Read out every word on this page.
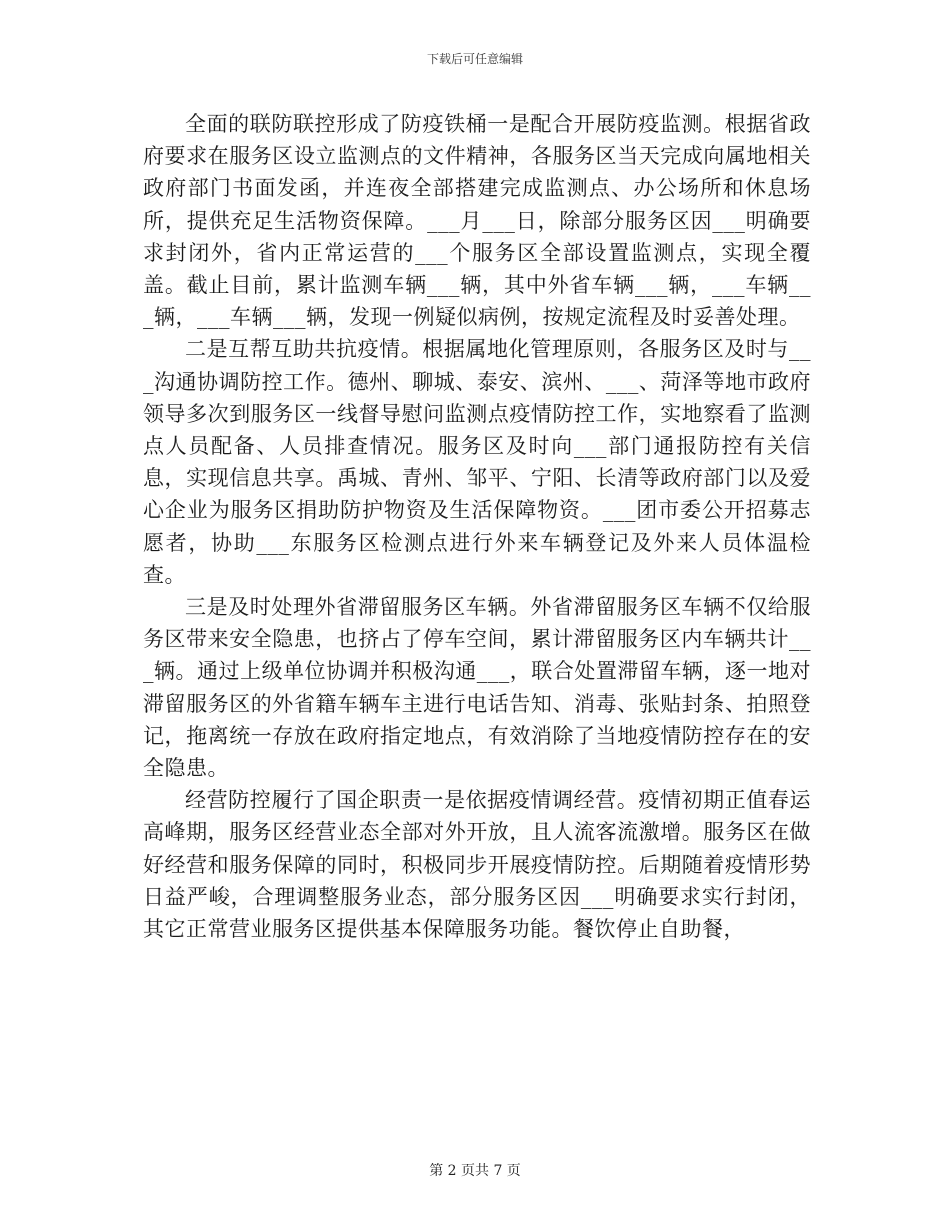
下载后可任意编辑

全面的联防联控形成了防疫铁桶一是配合开展防疫监测。根据省政府要求在服务区设立监测点的文件精神，各服务区当天完成向属地相关政府部门书面发函，并连夜全部搭建完成监测点、办公场所和休息场所，提供充足生活物资保障。___月___日，除部分服务区因___明确要求封闭外，省内正常运营的___个服务区全部设置监测点，实现全覆盖。截止目前，累计监测车辆___辆，其中外省车辆___辆，___车辆___辆，___车辆___辆，发现一例疑似病例，按规定流程及时妥善处理。

二是互帮互助共抗疫情。根据属地化管理原则，各服务区及时与___沟通协调防控工作。德州、聊城、泰安、滨州、___、菏泽等地市政府领导多次到服务区一线督导慰问监测点疫情防控工作，实地察看了监测点人员配备、人员排查情况。服务区及时向___部门通报防控有关信息，实现信息共享。禹城、青州、邹平、宁阳、长清等政府部门以及爱心企业为服务区捐助防护物资及生活保障物资。___团市委公开招募志愿者，协助___东服务区检测点进行外来车辆登记及外来人员体温检查。

三是及时处理外省滞留服务区车辆。外省滞留服务区车辆不仅给服务区带来安全隐患，也挤占了停车空间，累计滞留服务区内车辆共计___辆。通过上级单位协调并积极沟通___，联合处置滞留车辆，逐一地对滞留服务区的外省籍车辆车主进行电话告知、消毒、张贴封条、拍照登记，拖离统一存放在政府指定地点，有效消除了当地疫情防控存在的安全隐患。

经营防控履行了国企职责一是依据疫情调经营。疫情初期正值春运高峰期，服务区经营业态全部对外开放，且人流客流激增。服务区在做好经营和服务保障的同时，积极同步开展疫情防控。后期随着疫情形势日益严峻，合理调整服务业态，部分服务区因___明确要求实行封闭，其它正常营业服务区提供基本保障服务功能。餐饮停止自助餐，

第 2 页共 7 页
